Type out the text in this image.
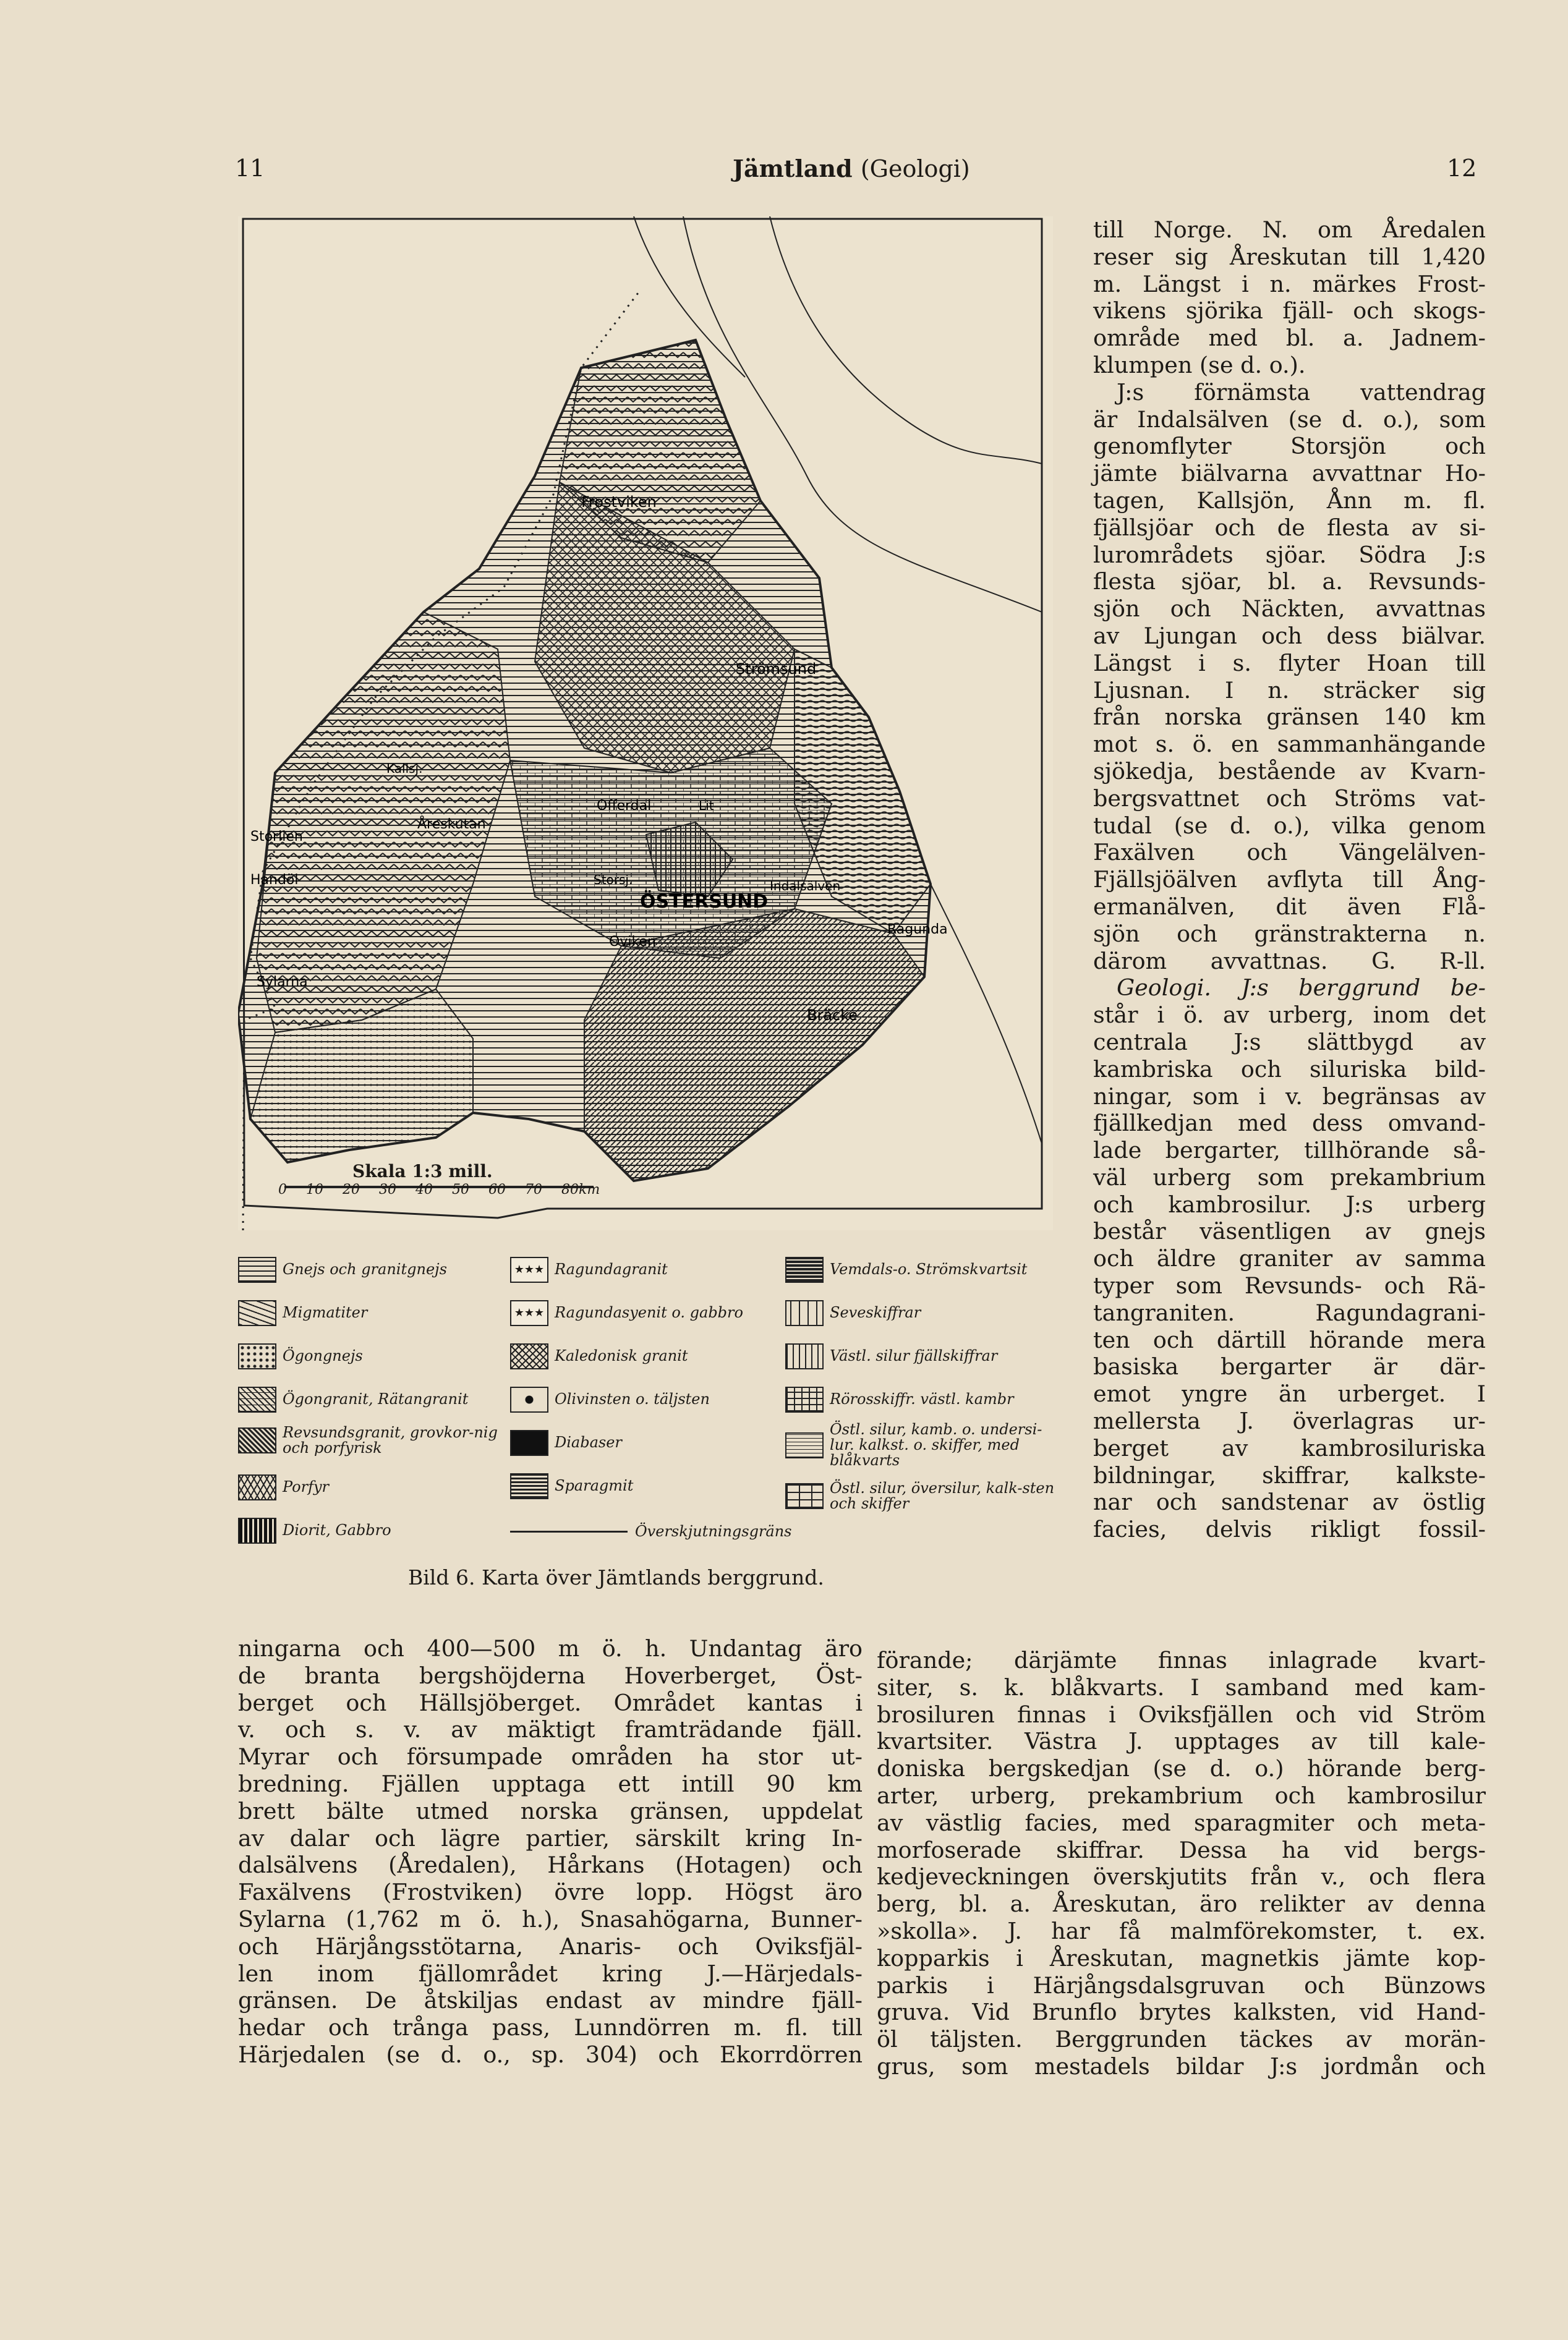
11	Jämtland (Geologi)	12
Frostviken
Strömsund
Kallsj.
Offerdal	Lit
Åreskutan
Storlien
Handöl	Storsj.
ÖSTERSUND
Indalsälven
Ragunda
Oviken
Sylarna
Bräcke
Skala 1:3 mill.
0 10 20 30 40 50 60 70 80km
Gnejs och granitgnejs
Migmatiter
Ögongnejs
Ögongranit, Rätangranit
Revsundsgranit, grovkor-nig och porfyrisk
Porfyr
Diorit, Gabbro
★★★ Ragundagranit
★★★ Ragundasyenit o. gabbro
Kaledonisk granit
Olivinsten o. täljsten
Diabaser
Sparagmit
Vemdals-o. Strömskvartsit
Seveskiffrar
Västl. silur fjällskiffrar
Rörosskiffr. västl. kambr
Östl. silur, kamb. o. undersi-lur. kalkst. o. skiffer, med blåkvarts
Östl. silur, översilur, kalk-sten och skiffer
Överskjutningsgräns
Bild 6. Karta över Jämtlands berggrund.

till Norge. N. om Åredalen

reser sig Åreskutan till 1,420

m. Längst i n. märkes Frost-

vikens sjörika fjäll- och skogs-

område med bl. a. Jadnem-

klumpen (se d. o.).

J:s förnämsta vattendrag

är Indalsälven (se d. o.), som

genomflyter Storsjön och

jämte biälvarna avvattnar Ho-

tagen, Kallsjön, Ånn m. fl.

fjällsjöar och de flesta av si-

lurområdets sjöar. Södra J:s

flesta sjöar, bl. a. Revsunds-

sjön och Näckten, avvattnas

av Ljungan och dess biälvar.

Längst i s. flyter Hoan till

Ljusnan. I n. sträcker sig

från norska gränsen 140 km

mot s. ö. en sammanhängande

sjökedja, bestående av Kvarn-

bergsvattnet och Ströms vat-

tudal (se d. o.), vilka genom

Faxälven och Vängelälven-

Fjällsjöälven avflyta till Ång-

ermanälven, dit även Flå-

sjön och gränstrakterna n.

därom avvattnas. G. R-ll.

Geologi. J:s berggrund be-

står i ö. av urberg, inom det

centrala J:s slättbygd av

kambriska och siluriska bild-

ningar, som i v. begränsas av

fjällkedjan med dess omvand-

lade bergarter, tillhörande så-

väl urberg som prekambrium

och kambrosilur. J:s urberg

består väsentligen av gnejs

och äldre graniter av samma

typer som Revsunds- och Rä-

tangraniten. Ragundagrani-

ten och därtill hörande mera

basiska bergarter är där-

emot yngre än urberget. I

mellersta J. överlagras ur-

berget av kambrosiluriska

bildningar, skiffrar, kalkste-

nar och sandstenar av östlig

facies, delvis rikligt fossil-

ningarna och 400—500 m ö. h. Undantag äro

de branta bergshöjderna Hoverberget, Öst-

berget och Hällsjöberget. Området kantas i

v. och s. v. av mäktigt framträdande fjäll.

Myrar och försumpade områden ha stor ut-

bredning. Fjällen upptaga ett intill 90 km

brett bälte utmed norska gränsen, uppdelat

av dalar och lägre partier, särskilt kring In-

dalsälvens (Åredalen), Hårkans (Hotagen) och

Faxälvens (Frostviken) övre lopp. Högst äro

Sylarna (1,762 m ö. h.), Snasahögarna, Bunner-

och Härjångsstötarna, Anaris- och Oviksfjäl-

len inom fjällområdet kring J.—Härjedals-

gränsen. De åtskiljas endast av mindre fjäll-

hedar och trånga pass, Lunndörren m. fl. till

Härjedalen (se d. o., sp. 304) och Ekorrdörren

förande; därjämte finnas inlagrade kvart-

siter, s. k. blåkvarts. I samband med kam-

brosiluren finnas i Oviksfjällen och vid Ström

kvartsiter. Västra J. upptages av till kale-

doniska bergskedjan (se d. o.) hörande berg-

arter, urberg, prekambrium och kambrosilur

av västlig facies, med sparagmiter och meta-

morfoserade skiffrar. Dessa ha vid bergs-

kedjeveckningen överskjutits från v., och flera

berg, bl. a. Åreskutan, äro relikter av denna

»skolla». J. har få malmförekomster, t. ex.

kopparkis i Åreskutan, magnetkis jämte kop-

parkis i Härjångsdalsgruvan och Bünzows

gruva. Vid Brunflo brytes kalksten, vid Hand-

öl täljsten. Berggrunden täckes av morän-

grus, som mestadels bildar J:s jordmån och
